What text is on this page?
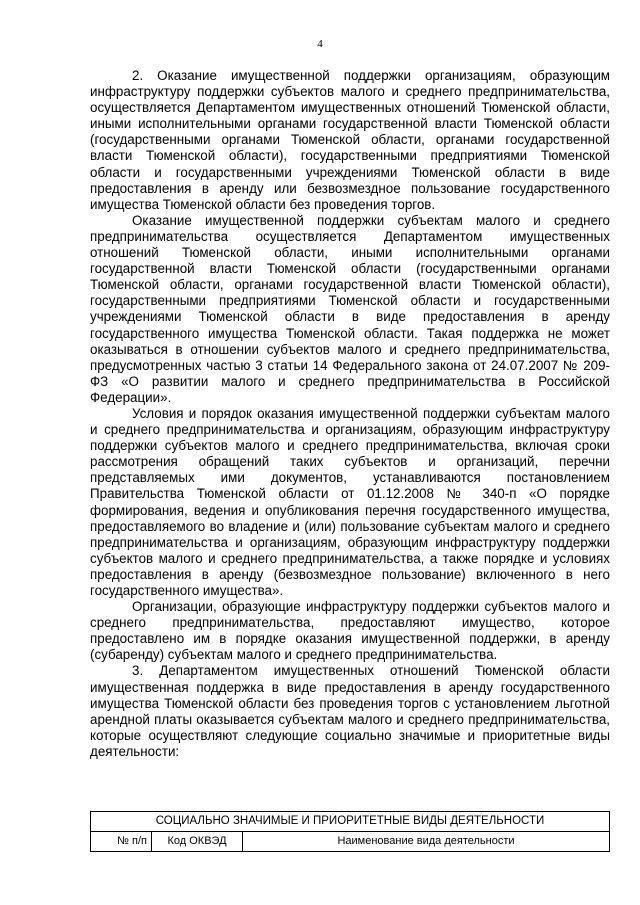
4

2. Оказание имущественной поддержки организациям, образующим инфраструктуру поддержки субъектов малого и среднего предпринимательства, осуществляется Департаментом имущественных отношений Тюменской области, иными исполнительными органами государственной власти Тюменской области (государственными органами Тюменской области, органами государственной власти Тюменской области), государственными предприятиями Тюменской области и государственными учреждениями Тюменской области в виде предоставления в аренду или безвозмездное пользование государственного имущества Тюменской области без проведения торгов.

Оказание имущественной поддержки субъектам малого и среднего предпринимательства осуществляется Департаментом имущественных отношений Тюменской области, иными исполнительными органами государственной власти Тюменской области (государственными органами Тюменской области, органами государственной власти Тюменской области), государственными предприятиями Тюменской области и государственными учреждениями Тюменской области в виде предоставления в аренду государственного имущества Тюменской области. Такая поддержка не может оказываться в отношении субъектов малого и среднего предпринимательства, предусмотренных частью 3 статьи 14 Федерального закона от 24.07.2007 № 209-ФЗ «О развитии малого и среднего предпринимательства в Российской Федерации».

Условия и порядок оказания имущественной поддержки субъектам малого и среднего предпринимательства и организациям, образующим инфраструктуру поддержки субъектов малого и среднего предпринимательства, включая сроки рассмотрения обращений таких субъектов и организаций, перечни представляемых ими документов, устанавливаются постановлением Правительства Тюменской области от 01.12.2008 № 340-п «О порядке формирования, ведения и опубликования перечня государственного имущества, предоставляемого во владение и (или) пользование субъектам малого и среднего предпринимательства и организациям, образующим инфраструктуру поддержки субъектов малого и среднего предпринимательства, а также порядке и условиях предоставления в аренду (безвозмездное пользование) включенного в него государственного имущества».

Организации, образующие инфраструктуру поддержки субъектов малого и среднего предпринимательства, предоставляют имущество, которое предоставлено им в порядке оказания имущественной поддержки, в аренду (субаренду) субъектам малого и среднего предпринимательства.

3. Департаментом имущественных отношений Тюменской области имущественная поддержка в виде предоставления в аренду государственного имущества Тюменской области без проведения торгов с установлением льготной арендной платы оказывается субъектам малого и среднего предпринимательства, которые осуществляют следующие социально значимые и приоритетные виды деятельности:

СОЦИАЛЬНО ЗНАЧИМЫЕ И ПРИОРИТЕТНЫЕ ВИДЫ ДЕЯТЕЛЬНОСТИ
№ п/п	Код ОКВЭД	Наименование вида деятельности
